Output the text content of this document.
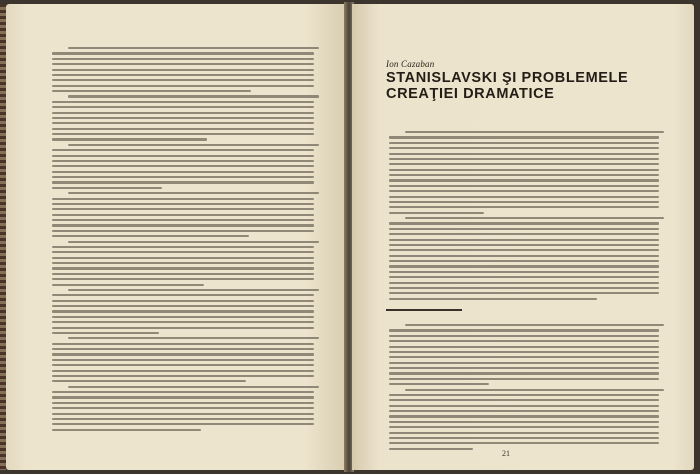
Ion Cazaban

STANISLAVSKI ŞI PROBLEMELE
CREAŢIEI DRAMATICE

21
